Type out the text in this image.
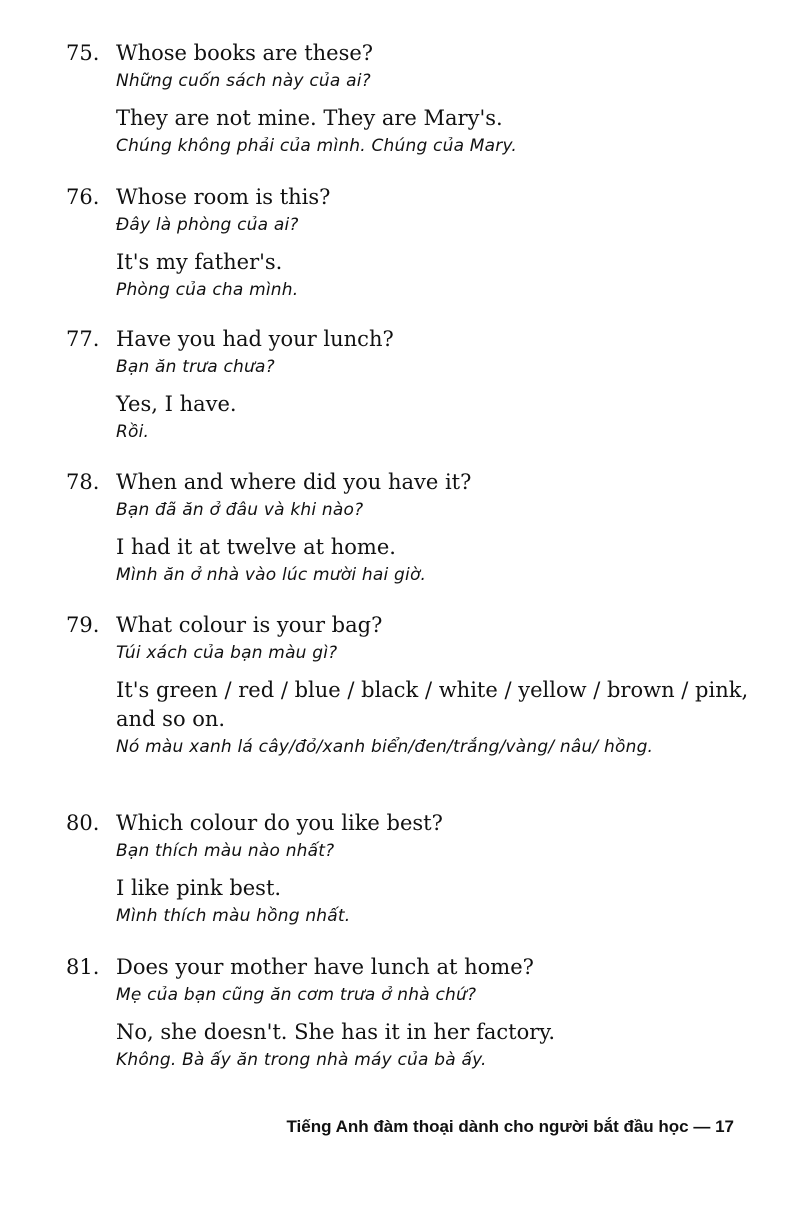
75. Whose books are these?
Những cuốn sách này của ai?
They are not mine. They are Mary's.
Chúng không phải của mình. Chúng của Mary.
76. Whose room is this?
Đây là phòng của ai?
It's my father's.
Phòng của cha mình.
77. Have you had your lunch?
Bạn ăn trưa chưa?
Yes, I have.
Rồi.
78. When and where did you have it?
Bạn đã ăn ở đâu và khi nào?
I had it at twelve at home.
Mình ăn ở nhà vào lúc mười hai giờ.
79. What colour is your bag?
Túi xách của bạn màu gì?
It's green / red / blue / black / white / yellow / brown / pink, and so on.
Nó màu xanh lá cây/đỏ/xanh biển/đen/trắng/vàng/ nâu/ hồng.
80. Which colour do you like best?
Bạn thích màu nào nhất?
I like pink best.
Mình thích màu hồng nhất.
81. Does your mother have lunch at home?
Mẹ của bạn cũng ăn cơm trưa ở nhà chứ?
No, she doesn't. She has it in her factory.
Không. Bà ấy ăn trong nhà máy của bà ấy.
Tiếng Anh đàm thoại dành cho người bắt đầu học — 17
